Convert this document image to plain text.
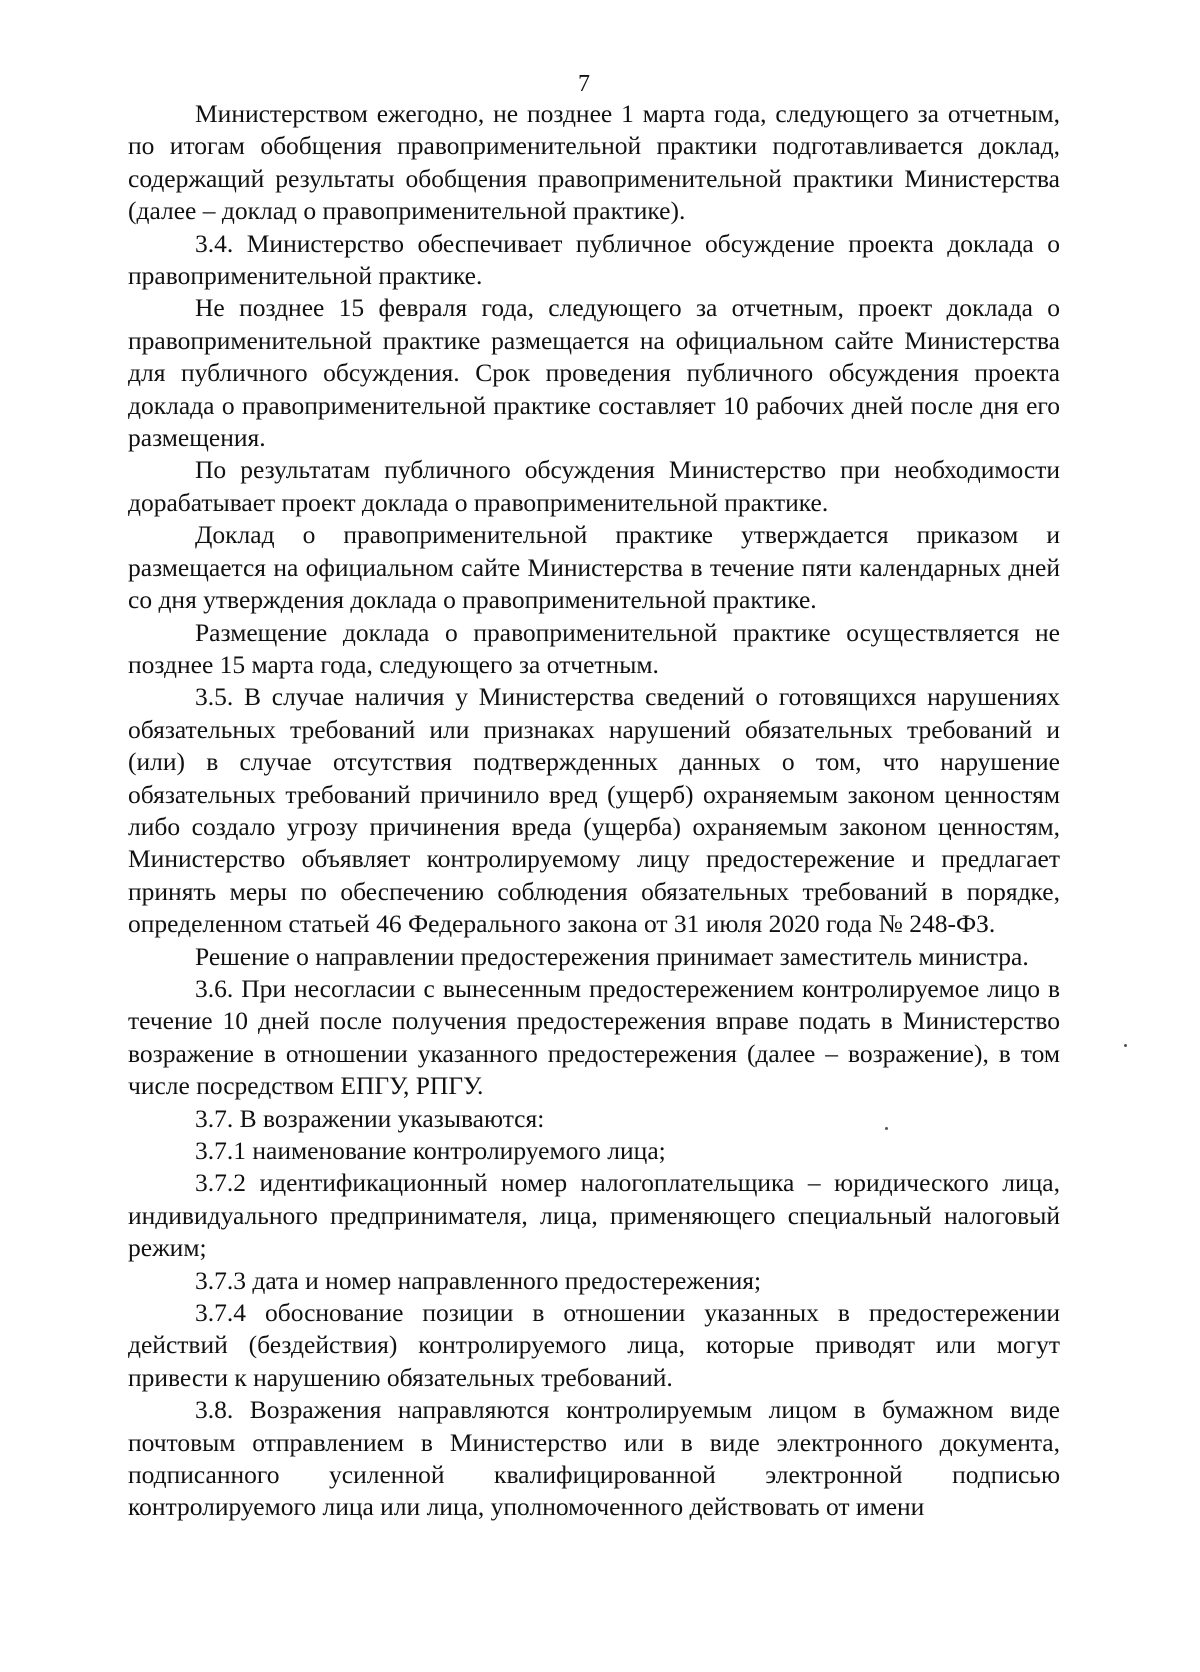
7

Министерством ежегодно, не позднее 1 марта года, следующего за отчетным, по итогам обобщения правоприменительной практики подготавливается доклад, содержащий результаты обобщения правоприменительной практики Министерства (далее – доклад о правоприменительной практике).

3.4. Министерство обеспечивает публичное обсуждение проекта доклада о правоприменительной практике.

Не позднее 15 февраля года, следующего за отчетным, проект доклада о правоприменительной практике размещается на официальном сайте Министерства для публичного обсуждения. Срок проведения публичного обсуждения проекта доклада о правоприменительной практике составляет 10 рабочих дней после дня его размещения.

По результатам публичного обсуждения Министерство при необходимости дорабатывает проект доклада о правоприменительной практике.

Доклад о правоприменительной практике утверждается приказом и размещается на официальном сайте Министерства в течение пяти календарных дней со дня утверждения доклада о правоприменительной практике.

Размещение доклада о правоприменительной практике осуществляется не позднее 15 марта года, следующего за отчетным.

3.5. В случае наличия у Министерства сведений о готовящихся нарушениях обязательных требований или признаках нарушений обязательных требований и (или) в случае отсутствия подтвержденных данных о том, что нарушение обязательных требований причинило вред (ущерб) охраняемым законом ценностям либо создало угрозу причинения вреда (ущерба) охраняемым законом ценностям, Министерство объявляет контролируемому лицу предостережение и предлагает принять меры по обеспечению соблюдения обязательных требований в порядке, определенном статьей 46 Федерального закона от 31 июля 2020 года № 248-ФЗ.

Решение о направлении предостережения принимает заместитель министра.

3.6. При несогласии с вынесенным предостережением контролируемое лицо в течение 10 дней после получения предостережения вправе подать в Министерство возражение в отношении указанного предостережения (далее – возражение), в том числе посредством ЕПГУ, РПГУ.

3.7. В возражении указываются:

3.7.1 наименование контролируемого лица;

3.7.2 идентификационный номер налогоплательщика – юридического лица, индивидуального предпринимателя, лица, применяющего специальный налоговый режим;

3.7.3 дата и номер направленного предостережения;

3.7.4 обоснование позиции в отношении указанных в предостережении действий (бездействия) контролируемого лица, которые приводят или могут привести к нарушению обязательных требований.

3.8. Возражения направляются контролируемым лицом в бумажном виде почтовым отправлением в Министерство или в виде электронного документа, подписанного усиленной квалифицированной электронной подписью контролируемого лица или лица, уполномоченного действовать от имени
